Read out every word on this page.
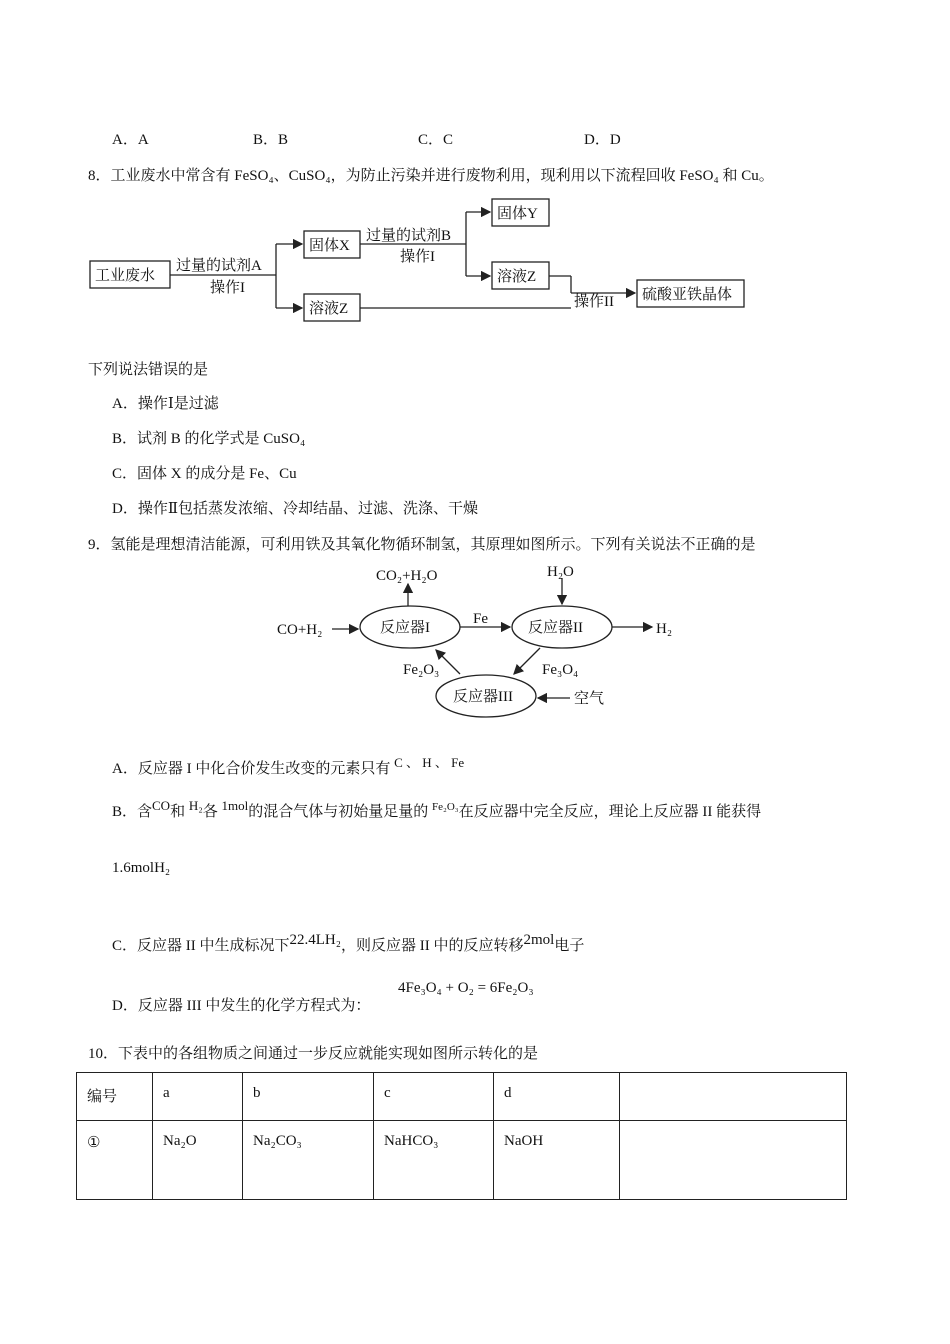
A．A	B．B	C．C	D．D
8．工业废水中常含有 FeSO₄、CuSO₄，为防止污染并进行废物利用，现利用以下流程回收 FeSO₄ 和 Cu。
工业废水
过量的试剂A
操作I
固体X
溶液Z
过量的试剂B
操作I
固体Y
溶液Z
操作II 硫酸亚铁晶体
下列说法错误的是
A．操作Ⅰ是过滤
B．试剂 B 的化学式是 CuSO₄
C．固体 X 的成分是 Fe、Cu
D．操作Ⅱ包括蒸发浓缩、冷却结晶、过滤、洗涤、干燥
9．氢能是理想清洁能源，可利用铁及其氧化物循环制氢，其原理如图所示。下列有关说法不正确的是
CO₂+H₂O	H₂O
CO+H₂	反应器I
Fe
反应器II	H₂
Fe₂O₃	Fe₃O₄
反应器III	空气
A．反应器 I 中化合价发生改变的元素只有 C 、 H 、 Fe
B．含CO和 H₂各 1mol的混合气体与初始量足量的 $^{Fe_2O_3}$在反应器中完全反应，理论上反应器 II 能获得
1.6molH₂
C．反应器 II 中生成标况下22.4LH₂，则反应器 II 中的反应转移2mol电子
D．反应器 III 中发生的化学方程式为：
4Fe₃O₄ + O₂ = 6Fe₂O₃
10．下表中的各组物质之间通过一步反应就能实现如图所示转化的是
编号	a	b	c	d	
①	Na₂O	Na₂CO₃	NaHCO₃	NaOH	
